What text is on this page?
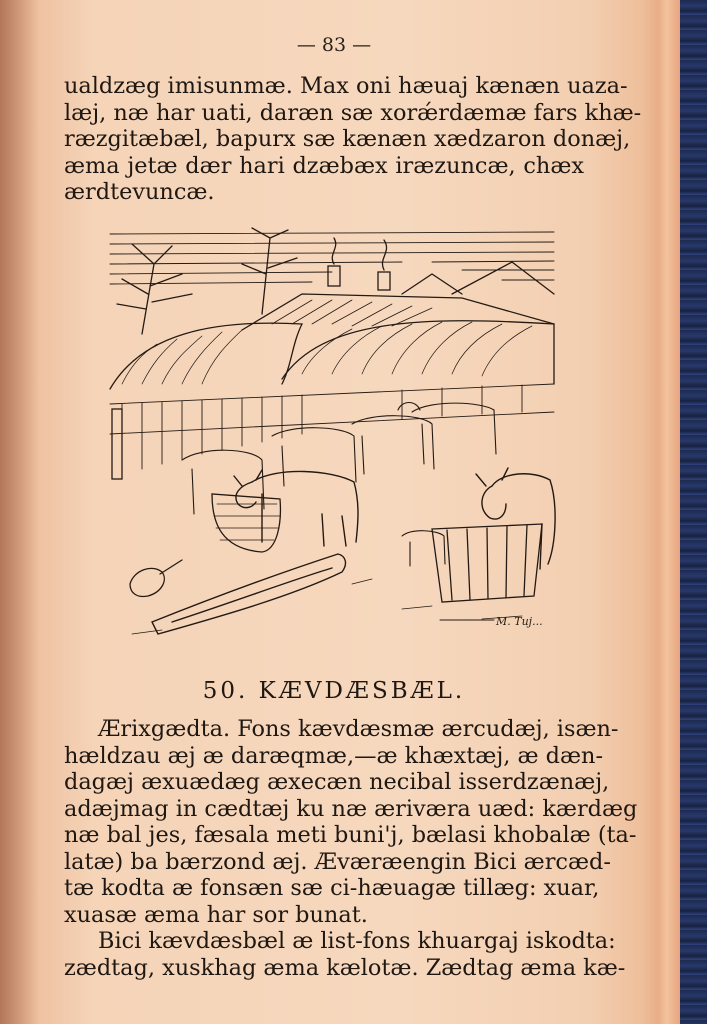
— 83 —
ualdzæg imisunmæ. Max oni hæuaj kænæn uaza-
læj, næ har uati, daræn sæ xorǽrdæmæ fars khæ-
ræzgitæbæl, bapurx sæ kænæn xædzaron donæj,
æma jetæ dær hari dzæbæx iræzuncæ, chæx
ærdtevuncæ.
M. Tuj...
50. KÆVDÆSBÆL.
Ærixgædta. Fons kævdæsmæ ærcudæj, isæn-
hældzau æj æ daræqmæ,—æ khæxtæj, æ dæn-
dagæj æxuædæg æxecæn necibal isserdzænæj,
adæjmag in cædtæj ku næ æriværa uæd: kærdæg
næ bal jes, fæsala meti buni'j, bælasi khobalæ (ta-
latæ) ba bærzond æj. Æværæengin Bici ærcæd-
tæ kodta æ fonsæn sæ ci-hæuagæ tillæg: xuar,
xuasæ æma har sor bunat.
Bici kævdæsbæl æ list-fons khuargaj iskodta:
zædtag, xuskhag æma kælotæ. Zædtag æma kæ-
